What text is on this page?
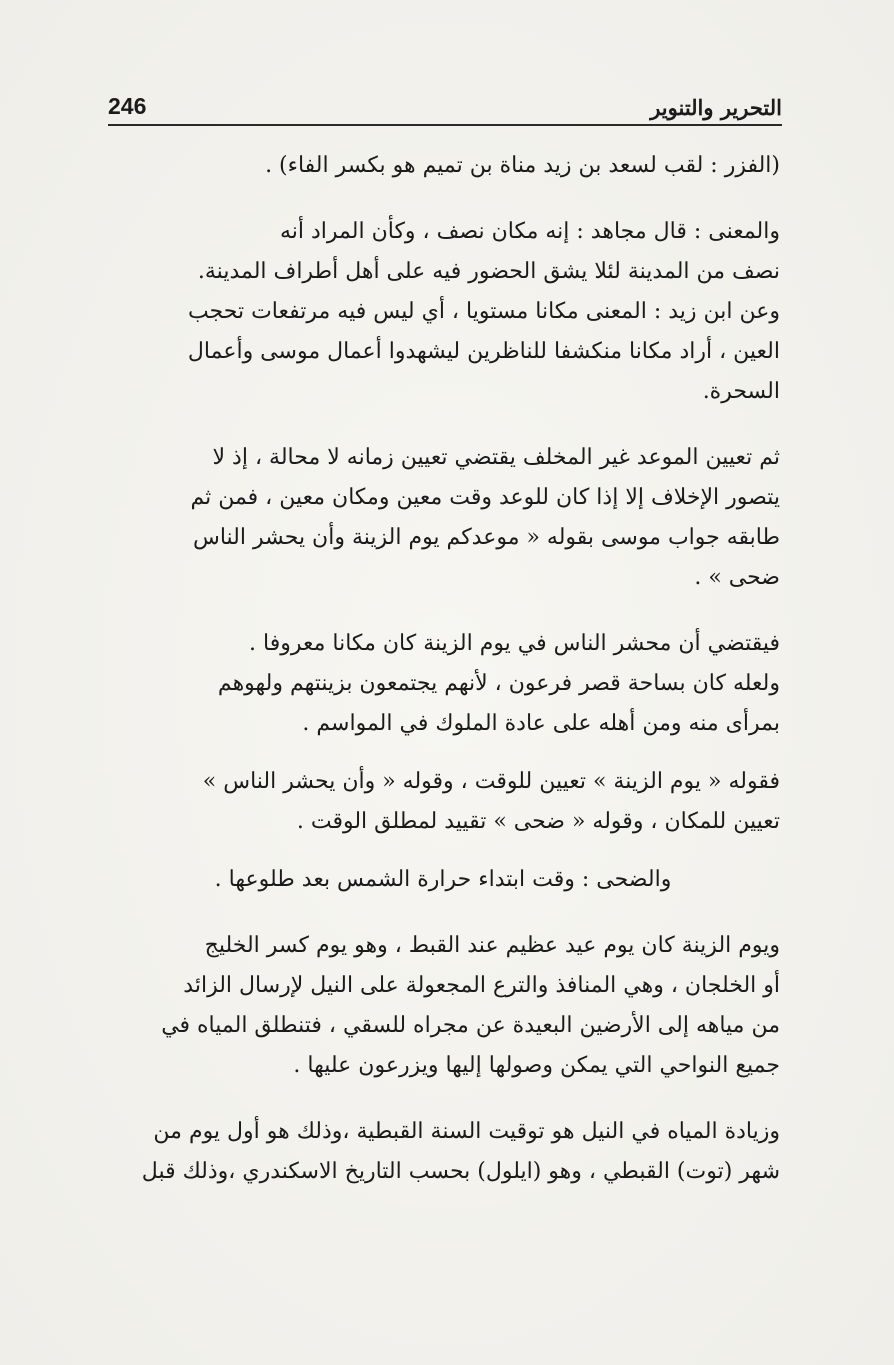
246	التحرير والتنوير
(الفزر : لقب لسعد بن زيد مناة بن تميم هو بكسر الفاء) .
والمعنى : قال مجاهد : إنه مكان نصف ، وكأن المراد أنه
نصف من المدينة لئلا يشق الحضور فيه على أهل أطراف المدينة.
وعن ابن زيد : المعنى مكانا مستويا ، أي ليس فيه مرتفعات تحجب
العين ، أراد مكانا منكشفا للناظرين ليشهدوا أعمال موسى وأعمال
السحرة.
ثم تعيين الموعد غير المخلف يقتضي تعيين زمانه لا محالة ، إذ لا
يتصور الإخلاف إلا إذا كان للوعد وقت معين ومكان معين ، فمن ثم
طابقه جواب موسى بقوله « موعدكم يوم الزينة وأن يحشر الناس
ضحى » .
فيقتضي أن محشر الناس في يوم الزينة كان مكانا معروفا .
ولعله كان بساحة قصر فرعون ، لأنهم يجتمعون بزينتهم ولهوهم
بمرأى منه ومن أهله على عادة الملوك في المواسم .
فقوله « يوم الزينة » تعيين للوقت ، وقوله « وأن يحشر الناس »
تعيين للمكان ، وقوله « ضحى » تقييد لمطلق الوقت .
والضحى : وقت ابتداء حرارة الشمس بعد طلوعها .
ويوم الزينة كان يوم عيد عظيم عند القبط ، وهو يوم كسر الخليج
أو الخلجان ، وهي المنافذ والترع المجعولة على النيل لإرسال الزائد
من مياهه إلى الأرضين البعيدة عن مجراه للسقي ، فتنطلق المياه في
جميع النواحي التي يمكن وصولها إليها ويزرعون عليها .
وزيادة المياه في النيل هو توقيت السنة القبطية ،وذلك هو أول يوم من
شهر (توت) القبطي ، وهو (ايلول) بحسب التاريخ الاسكندري ،وذلك قبل
